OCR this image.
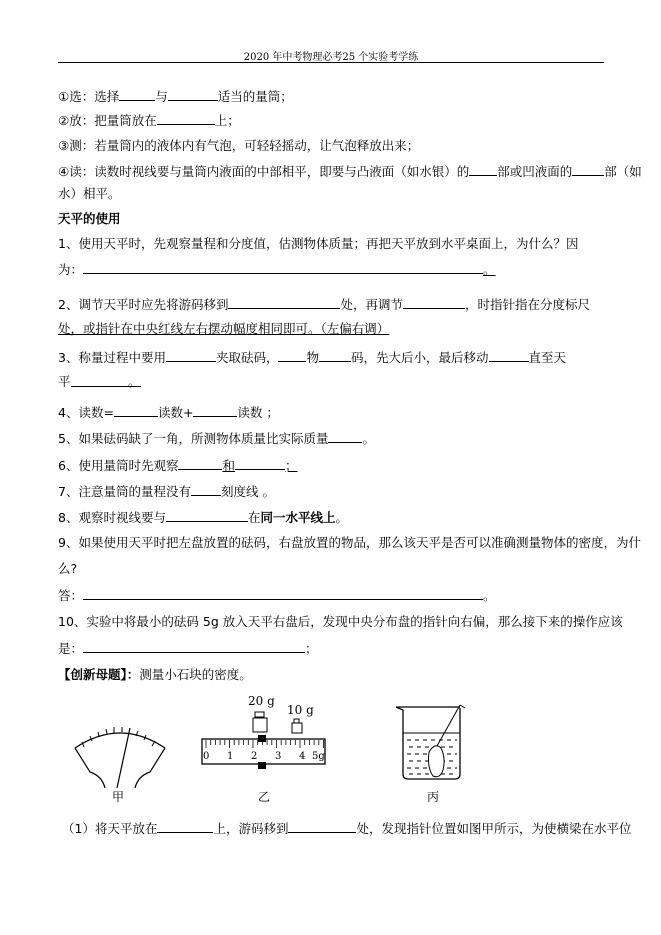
2020 年中考物理必考25 个实验考学练
①选：选择	与	适当的量筒；
②放：把量筒放在	上；
③测：若量筒内的液体内有气泡，可轻轻摇动，让气泡释放出来；
④读：读数时视线要与量筒内液面的中部相平，即要与凸液面（如水银）的 部或凹液面的	部（如
水）相平。
天平的使用
1、使用天平时，先观察量程和分度值，估测物体质量；再把天平放到水平桌面上，为什么？因
为：	。
2、调节天平时应先将游码移到	处，再调节	，时指针指在分度标尺
处，或指针在中央红线左右摆动幅度相同即可。（左偏右调）
3、称量过程中要用	夹取砝码， 物	码，先大后小，最后移动	直至天
平	。
4、读数=	读数+	读数 ；
5、如果砝码缺了一角，所测物体质量比实际质量	。
6、使用量筒时先观察	和	；
7、注意量筒的量程没有 刻度线 。
8、观察时视线要与	在同一水平线上。
9、如果使用天平时把左盘放置的砝码，右盘放置的物品，那么该天平是否可以准确测量物体的密度，为什
么?
答：	。
10、实验中将最小的砝码 5g 放入天平右盘后，发现中央分布盘的指针向右偏，那么接下来的操作应该
是：	；
【创新母题】：测量小石块的密度。
甲
20 g
10 g
0 1 2 3 4 5g
乙	丙
（1）将天平放在	上，游码移到	处，发现指针位置如图甲所示，为使横梁在水平位
